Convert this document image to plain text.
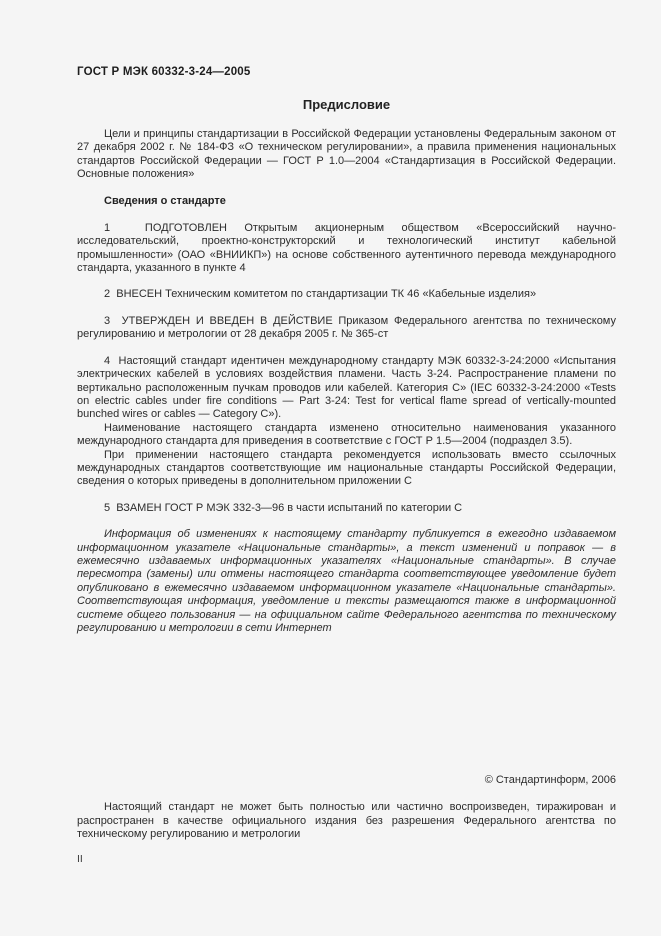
ГОСТ Р МЭК 60332-3-24—2005
Предисловие

Цели и принципы стандартизации в Российской Федерации установлены Федеральным законом от 27 декабря 2002 г. № 184-ФЗ «О техническом регулировании», а правила применения национальных стандартов Российской Федерации — ГОСТ Р 1.0—2004 «Стандартизация в Российской Федерации. Основные положения»

Сведения о стандарте

1  ПОДГОТОВЛЕН Открытым акционерным обществом «Всероссийский научно-исследовательский, проектно-конструкторский и технологический институт кабельной промышленности» (ОАО «ВНИИКП») на основе собственного аутентичного перевода международного стандарта, указанного в пункте 4

2  ВНЕСЕН Техническим комитетом по стандартизации ТК 46 «Кабельные изделия»

3  УТВЕРЖДЕН И ВВЕДЕН В ДЕЙСТВИЕ Приказом Федерального агентства по техническому регулированию и метрологии от 28 декабря 2005 г. № 365-ст

4  Настоящий стандарт идентичен международному стандарту МЭК 60332-3-24:2000 «Испытания электрических кабелей в условиях воздействия пламени. Часть 3-24. Распространение пламени по вертикально расположенным пучкам проводов или кабелей. Категория С» (IEC 60332-3-24:2000 «Tests on electric cables under fire conditions — Part 3-24: Test for vertical flame spread of vertically-mounted bunched wires or cables — Category C»).

Наименование настоящего стандарта изменено относительно наименования указанного международного стандарта для приведения в соответствие с ГОСТ Р 1.5—2004 (подраздел 3.5).

При применении настоящего стандарта рекомендуется использовать вместо ссылочных международных стандартов соответствующие им национальные стандарты Российской Федерации, сведения о которых приведены в дополнительном приложении С

5  ВЗАМЕН ГОСТ Р МЭК 332-3—96 в части испытаний по категории С

Информация об изменениях к настоящему стандарту публикуется в ежегодно издаваемом информационном указателе «Национальные стандарты», а текст изменений и поправок — в ежемесячно издаваемых информационных указателях «Национальные стандарты». В случае пересмотра (замены) или отмены настоящего стандарта соответствующее уведомление будет опубликовано в ежемесячно издаваемом информационном указателе «Национальные стандарты». Соответствующая информация, уведомление и тексты размещаются также в информационной системе общего пользования — на официальном сайте Федерального агентства по техническому регулированию и метрологии в сети Интернет

© Стандартинформ, 2006

Настоящий стандарт не может быть полностью или частично воспроизведен, тиражирован и распространен в качестве официального издания без разрешения Федерального агентства по техническому регулированию и метрологии

II
